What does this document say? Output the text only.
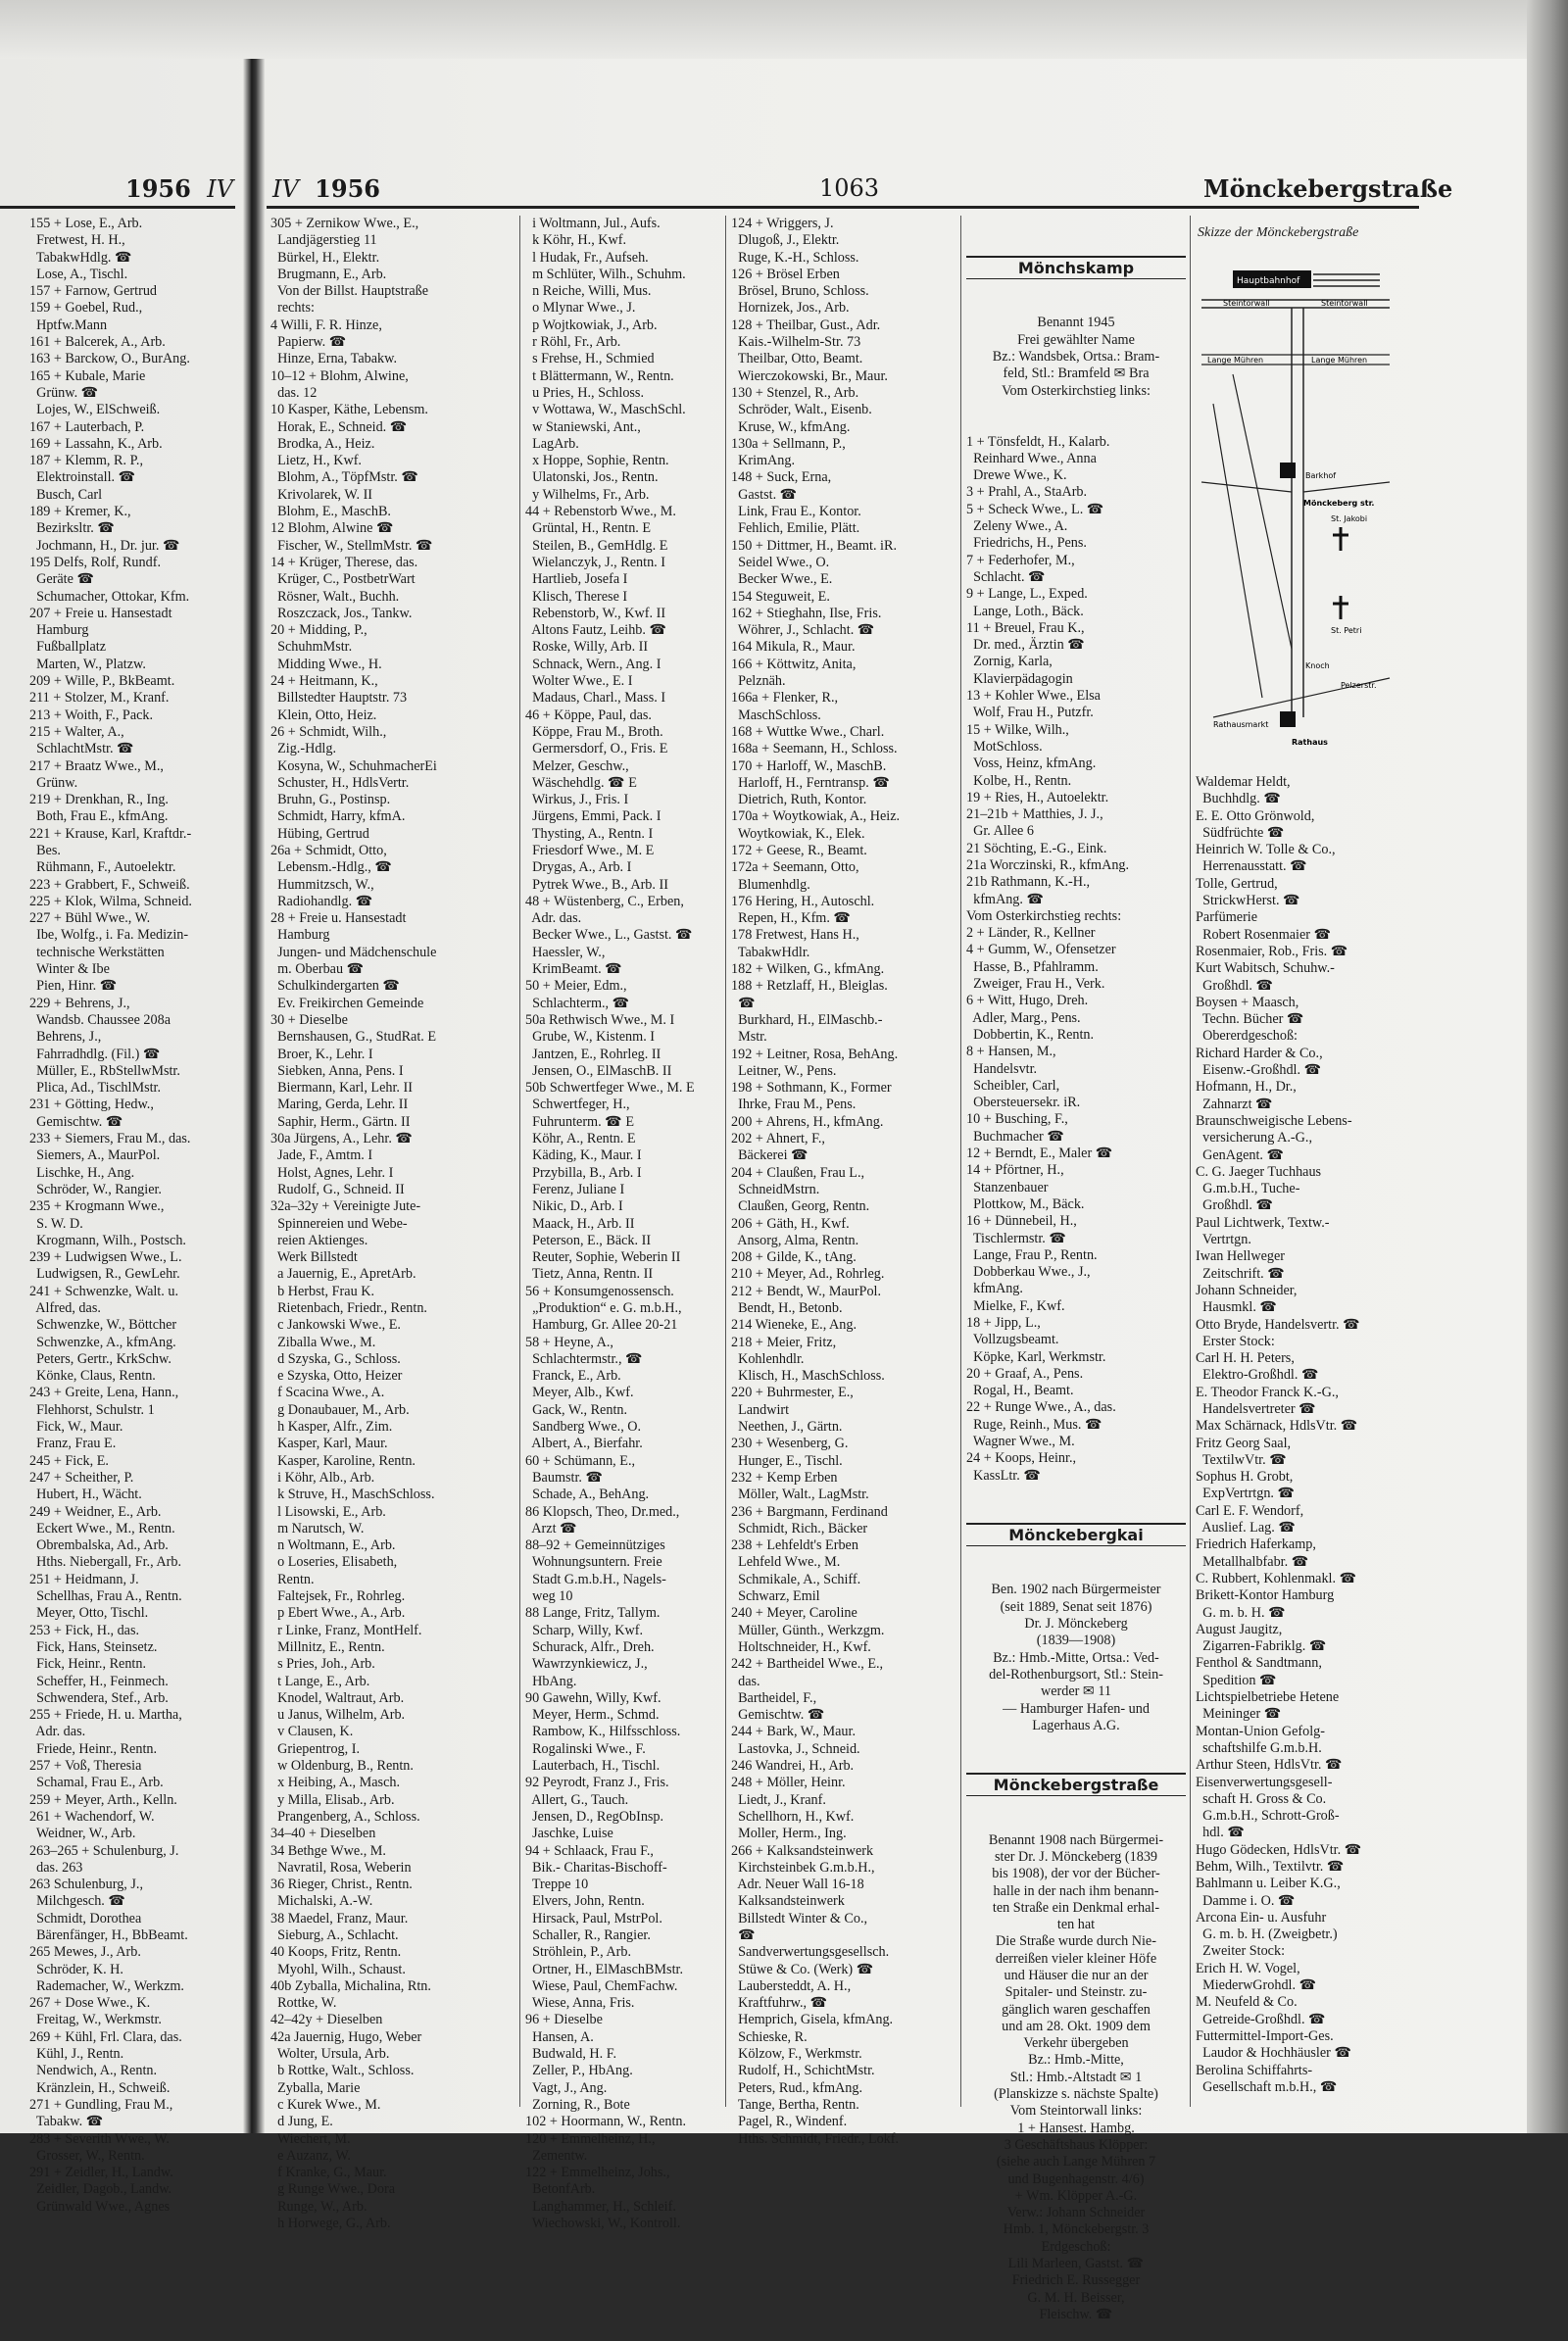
1956 IV IV 1956	1063	Mönckebergstraße
155 + Lose, E., Arb.
Fretwest, H. H.,
TabakwHdlg. ☎
Lose, A., Tischl.
157 + Farnow, Gertrud
159 + Goebel, Rud.,
Hptfw.Mann
161 + Balcerek, A., Arb.
163 + Barckow, O., BurAng.
165 + Kubale, Marie
Grünw. ☎
Lojes, W., ElSchweiß.
167 + Lauterbach, P.
169 + Lassahn, K., Arb.
187 + Klemm, R. P.,
Elektroinstall. ☎
Busch, Carl
189 + Kremer, K.,
Bezirksltr. ☎
Jochmann, H., Dr. jur. ☎
195 Delfs, Rolf, Rundf.
Geräte ☎
Schumacher, Ottokar, Kfm.
207 + Freie u. Hansestadt
Hamburg
Fußballplatz
Marten, W., Platzw.
209 + Wille, P., BkBeamt.
211 + Stolzer, M., Kranf.
213 + Woith, F., Pack.
215 + Walter, A.,
SchlachtMstr. ☎
217 + Braatz Wwe., M.,
Grünw.
219 + Drenkhan, R., Ing.
Both, Frau E., kfmAng.
221 + Krause, Karl, Kraftdr.-
Bes.
Rühmann, F., Autoelektr.
223 + Grabbert, F., Schweiß.
225 + Klok, Wilma, Schneid.
227 + Bühl Wwe., W.
Ibe, Wolfg., i. Fa. Medizin-
technische Werkstätten
Winter & Ibe
Pien, Hinr. ☎
229 + Behrens, J.,
Wandsb. Chaussee 208a
Behrens, J.,
Fahrradhdlg. (Fil.) ☎
Müller, E., RbStellwMstr.
Plica, Ad., TischlMstr.
231 + Götting, Hedw.,
Gemischtw. ☎
233 + Siemers, Frau M., das.
Siemers, A., MaurPol.
Lischke, H., Ang.
Schröder, W., Rangier.
235 + Krogmann Wwe.,
S. W. D.
Krogmann, Wilh., Postsch.
239 + Ludwigsen Wwe., L.
Ludwigsen, R., GewLehr.
241 + Schwenzke, Walt. u.
Alfred, das.
Schwenzke, W., Böttcher
Schwenzke, A., kfmAng.
Peters, Gertr., KrkSchw.
Könke, Claus, Rentn.
243 + Greite, Lena, Hann.,
Flehhorst, Schulstr. 1
Fick, W., Maur.
Franz, Frau E.
245 + Fick, E.
247 + Scheither, P.
Hubert, H., Wächt.
249 + Weidner, E., Arb.
Eckert Wwe., M., Rentn.
Obrembalska, Ad., Arb.
Hths. Niebergall, Fr., Arb.
251 + Heidmann, J.
Schellhas, Frau A., Rentn.
Meyer, Otto, Tischl.
253 + Fick, H., das.
Fick, Hans, Steinsetz.
Fick, Heinr., Rentn.
Scheffer, H., Feinmech.
Schwendera, Stef., Arb.
255 + Friede, H. u. Martha,
Adr. das.
Friede, Heinr., Rentn.
257 + Voß, Theresia
Schamal, Frau E., Arb.
259 + Meyer, Arth., Kelln.
261 + Wachendorf, W.
Weidner, W., Arb.
263–265 + Schulenburg, J.
das. 263
263 Schulenburg, J.,
Milchgesch. ☎
Schmidt, Dorothea
Bärenfänger, H., BbBeamt.
265 Mewes, J., Arb.
Schröder, K. H.
Rademacher, W., Werkzm.
267 + Dose Wwe., K.
Freitag, W., Werkmstr.
269 + Kühl, Frl. Clara, das.
Kühl, J., Rentn.
Nendwich, A., Rentn.
Kränzlein, H., Schweiß.
271 + Gundling, Frau M.,
Tabakw. ☎
283 + Severith Wwe., W.
Grosser, W., Rentn.
291 + Zeidler, H., Landw.
Zeidler, Dagob., Landw.
Grünwald Wwe., Agnes
305 + Zernikow Wwe., E.,
Landjägerstieg 11
Bürkel, H., Elektr.
Brugmann, E., Arb.
Von der Billst. Hauptstraße
rechts:
4 Willi, F. R. Hinze,
Papierw. ☎
Hinze, Erna, Tabakw.
10–12 + Blohm, Alwine,
das. 12
10 Kasper, Käthe, Lebensm.
Horak, E., Schneid. ☎
Brodka, A., Heiz.
Lietz, H., Kwf.
Blohm, A., TöpfMstr. ☎
Krivolarek, W. II
Blohm, E., MaschB.
12 Blohm, Alwine ☎
Fischer, W., StellmMstr. ☎
14 + Krüger, Therese, das.
Krüger, C., PostbetrWart
Rösner, Walt., Buchh.
Roszczack, Jos., Tankw.
20 + Midding, P.,
SchuhmMstr.
Midding Wwe., H.
24 + Heitmann, K.,
Billstedter Hauptstr. 73
Klein, Otto, Heiz.
26 + Schmidt, Wilh.,
Zig.-Hdlg.
Kosyna, W., SchuhmacherEi
Schuster, H., HdlsVertr.
Bruhn, G., Postinsp.
Schmidt, Harry, kfmA.
Hübing, Gertrud
26a + Schmidt, Otto,
Lebensm.-Hdlg., ☎
Hummitzsch, W.,
Radiohandlg. ☎
28 + Freie u. Hansestadt
Hamburg
Jungen- und Mädchenschule
m. Oberbau ☎
Schulkindergarten ☎
Ev. Freikirchen Gemeinde
30 + Dieselbe
Bernshausen, G., StudRat. E
Broer, K., Lehr. I
Siebken, Anna, Pens. I
Biermann, Karl, Lehr. II
Maring, Gerda, Lehr. II
Saphir, Herm., Gärtn. II
30a Jürgens, A., Lehr. ☎
Jade, F., Amtm. I
Holst, Agnes, Lehr. I
Rudolf, G., Schneid. II
32a–32y + Vereinigte Jute-
Spinnereien und Webe-
reien Aktienges.
Werk Billstedt
a Jauernig, E., ApretArb.
b Herbst, Frau K.
Rietenbach, Friedr., Rentn.
c Jankowski Wwe., E.
Ziballa Wwe., M.
d Szyska, G., Schloss.
e Szyska, Otto, Heizer
f Scacina Wwe., A.
g Donaubauer, M., Arb.
h Kasper, Alfr., Zim.
Kasper, Karl, Maur.
Kasper, Karoline, Rentn.
i Köhr, Alb., Arb.
k Struve, H., MaschSchloss.
l Lisowski, E., Arb.
m Narutsch, W.
n Woltmann, E., Arb.
o Loseries, Elisabeth,
Rentn.
Faltejsek, Fr., Rohrleg.
p Ebert Wwe., A., Arb.
r Linke, Franz, MontHelf.
Millnitz, E., Rentn.
s Pries, Joh., Arb.
t Lange, E., Arb.
Knodel, Waltraut, Arb.
u Janus, Wilhelm, Arb.
v Clausen, K.
Griepentrog, I.
w Oldenburg, B., Rentn.
x Heibing, A., Masch.
y Milla, Elisab., Arb.
Prangenberg, A., Schloss.
34–40 + Dieselben
34 Bethge Wwe., M.
Navratil, Rosa, Weberin
36 Rieger, Christ., Rentn.
Michalski, A.-W.
38 Maedel, Franz, Maur.
Sieburg, A., Schlacht.
40 Koops, Fritz, Rentn.
Myohl, Wilh., Schaust.
40b Zyballa, Michalina, Rtn.
Rottke, W.
42–42y + Dieselben
42a Jauernig, Hugo, Weber
Wolter, Ursula, Arb.
b Rottke, Walt., Schloss.
Zyballa, Marie
c Kurek Wwe., M.
d Jung, E.
Wiechert, M.
e Auzanz, W.
f Kranke, G., Maur.
g Runge Wwe., Dora
Runge, W., Arb.
h Horwege, G., Arb.
i Woltmann, Jul., Aufs.
k Köhr, H., Kwf.
l Hudak, Fr., Aufseh.
m Schlüter, Wilh., Schuhm.
n Reiche, Willi, Mus.
o Mlynar Wwe., J.
p Wojtkowiak, J., Arb.
r Röhl, Fr., Arb.
s Frehse, H., Schmied
t Blättermann, W., Rentn.
u Pries, H., Schloss.
v Wottawa, W., MaschSchl.
w Staniewski, Ant.,
LagArb.
x Hoppe, Sophie, Rentn.
Ulatonski, Jos., Rentn.
y Wilhelms, Fr., Arb.
44 + Rebenstorb Wwe., M.
Grüntal, H., Rentn. E
Steilen, B., GemHdlg. E
Wielanczyk, J., Rentn. I
Hartlieb, Josefa I
Klisch, Therese I
Rebenstorb, W., Kwf. II
Altons Fautz, Leihb. ☎
Roske, Willy, Arb. II
Schnack, Wern., Ang. I
Wolter Wwe., E. I
Madaus, Charl., Mass. I
46 + Köppe, Paul, das.
Köppe, Frau M., Broth.
Germersdorf, O., Fris. E
Melzer, Geschw.,
Wäschehdlg. ☎ E
Wirkus, J., Fris. I
Jürgens, Emmi, Pack. I
Thysting, A., Rentn. I
Friesdorf Wwe., M. E
Drygas, A., Arb. I
Pytrek Wwe., B., Arb. II
48 + Wüstenberg, C., Erben,
Adr. das.
Becker Wwe., L., Gastst. ☎
Haessler, W.,
KrimBeamt. ☎
50 + Meier, Edm.,
Schlachterm., ☎
50a Rethwisch Wwe., M. I
Grube, W., Kistenm. I
Jantzen, E., Rohrleg. II
Jensen, O., ElMaschB. II
50b Schwertfeger Wwe., M. E
Schwertfeger, H.,
Fuhrunterm. ☎ E
Köhr, A., Rentn. E
Käding, K., Maur. I
Przybilla, B., Arb. I
Ferenz, Juliane I
Nikic, D., Arb. I
Maack, H., Arb. II
Peterson, E., Bäck. II
Reuter, Sophie, Weberin II
Tietz, Anna, Rentn. II
56 + Konsumgenossensch.
„Produktion“ e. G. m.b.H.,
Hamburg, Gr. Allee 20-21
58 + Heyne, A.,
Schlachtermstr., ☎
Franck, E., Arb.
Meyer, Alb., Kwf.
Gack, W., Rentn.
Sandberg Wwe., O.
Albert, A., Bierfahr.
60 + Schümann, E.,
Baumstr. ☎
Schade, A., BehAng.
86 Klopsch, Theo, Dr.med.,
Arzt ☎
88–92 + Gemeinnütziges
Wohnungsuntern. Freie
Stadt G.m.b.H., Nagels-
weg 10
88 Lange, Fritz, Tallym.
Scharp, Willy, Kwf.
Schurack, Alfr., Dreh.
Wawrzynkiewicz, J.,
HbAng.
90 Gawehn, Willy, Kwf.
Meyer, Herm., Schmd.
Rambow, K., Hilfsschloss.
Rogalinski Wwe., F.
Lauterbach, H., Tischl.
92 Peyrodt, Franz J., Fris.
Allert, G., Tauch.
Jensen, D., RegObInsp.
Jaschke, Luise
94 + Schlaack, Frau F.,
Bik.- Charitas-Bischoff-
Treppe 10
Elvers, John, Rentn.
Hirsack, Paul, MstrPol.
Schaller, R., Rangier.
Ströhlein, P., Arb.
Ortner, H., ElMaschBMstr.
Wiese, Paul, ChemFachw.
Wiese, Anna, Fris.
96 + Dieselbe
Hansen, A.
Budwald, H. F.
Zeller, P., HbAng.
Vagt, J., Ang.
Zorning, R., Bote
102 + Hoormann, W., Rentn.
120 + Emmelheinz, H.,
Zementw.
122 + Emmelheinz, Johs.,
BetonfArb.
Langhammer, H., Schleif.
Wiechowski, W., Kontroll.
124 + Wriggers, J.
Dlugoß, J., Elektr.
Ruge, K.-H., Schloss.
126 + Brösel Erben
Brösel, Bruno, Schloss.
Hornizek, Jos., Arb.
128 + Theilbar, Gust., Adr.
Kais.-Wilhelm-Str. 73
Theilbar, Otto, Beamt.
Wierczokowski, Br., Maur.
130 + Stenzel, R., Arb.
Schröder, Walt., Eisenb.
Kruse, W., kfmAng.
130a + Sellmann, P.,
KrimAng.
148 + Suck, Erna,
Gastst. ☎
Link, Frau E., Kontor.
Fehlich, Emilie, Plätt.
150 + Dittmer, H., Beamt. iR.
Seidel Wwe., O.
Becker Wwe., E.
154 Steguweit, E.
162 + Stieghahn, Ilse, Fris.
Wöhrer, J., Schlacht. ☎
164 Mikula, R., Maur.
166 + Köttwitz, Anita,
Pelznäh.
166a + Flenker, R.,
MaschSchloss.
168 + Wuttke Wwe., Charl.
168a + Seemann, H., Schloss.
170 + Harloff, W., MaschB.
Harloff, H., Ferntransp. ☎
Dietrich, Ruth, Kontor.
170a + Woytkowiak, A., Heiz.
Woytkowiak, K., Elek.
172 + Geese, R., Beamt.
172a + Seemann, Otto,
Blumenhdlg.
176 Hering, H., Autoschl.
Repen, H., Kfm. ☎
178 Fretwest, Hans H.,
TabakwHdlr.
182 + Wilken, G., kfmAng.
188 + Retzlaff, H., Bleiglas.
☎
Burkhard, H., ElMaschb.-
Mstr.
192 + Leitner, Rosa, BehAng.
Leitner, W., Pens.
198 + Sothmann, K., Former
Ihrke, Frau M., Pens.
200 + Ahrens, H., kfmAng.
202 + Ahnert, F.,
Bäckerei ☎
204 + Claußen, Frau L.,
SchneidMstrn.
Claußen, Georg, Rentn.
206 + Gäth, H., Kwf.
Ansorg, Alma, Rentn.
208 + Gilde, K., tAng.
210 + Meyer, Ad., Rohrleg.
212 + Bendt, W., MaurPol.
Bendt, H., Betonb.
214 Wieneke, E., Ang.
218 + Meier, Fritz,
Kohlenhdlr.
Klisch, H., MaschSchloss.
220 + Buhrmester, E.,
Landwirt
Neethen, J., Gärtn.
230 + Wesenberg, G.
Hunger, E., Tischl.
232 + Kemp Erben
Möller, Walt., LagMstr.
236 + Bargmann, Ferdinand
Schmidt, Rich., Bäcker
238 + Lehfeldt's Erben
Lehfeld Wwe., M.
Schmikale, A., Schiff.
Schwarz, Emil
240 + Meyer, Caroline
Müller, Günth., Werkzgm.
Holtschneider, H., Kwf.
242 + Bartheidel Wwe., E.,
das.
Bartheidel, F.,
Gemischtw. ☎
244 + Bark, W., Maur.
Lastovka, J., Schneid.
246 Wandrei, H., Arb.
248 + Möller, Heinr.
Liedt, J., Kranf.
Schellhorn, H., Kwf.
Moller, Herm., Ing.
266 + Kalksandsteinwerk
Kirchsteinbek G.m.b.H.,
Adr. Neuer Wall 16-18
Kalksandsteinwerk
Billstedt Winter & Co.,
☎
Sandverwertungsgesellsch.
Stüwe & Co. (Werk) ☎
Laubersteddt, A. H.,
Kraftfuhrw., ☎
Hemprich, Gisela, kfmAng.
Schieske, R.
Kölzow, F., Werkmstr.
Rudolf, H., SchichtMstr.
Peters, Rud., kfmAng.
Tange, Bertha, Rentn.
Pagel, R., Windenf.
Hths. Schmidt, Friedr., Lokf.

Mönchskamp

Benannt 1945
Frei gewählter Name
Bz.: Wandsbek, Ortsa.: Bram-
feld, Stl.: Bramfeld ✉ Bra
Vom Osterkirchstieg links:

1 + Tönsfeldt, H., Kalarb.
Reinhard Wwe., Anna
Drewe Wwe., K.
3 + Prahl, A., StaArb.
5 + Scheck Wwe., L. ☎
Zeleny Wwe., A.
Friedrichs, H., Pens.
7 + Federhofer, M.,
Schlacht. ☎
9 + Lange, L., Exped.
Lange, Loth., Bäck.
11 + Breuel, Frau K.,
Dr. med., Ärztin ☎
Zornig, Karla,
Klavierpädagogin
13 + Kohler Wwe., Elsa
Wolf, Frau H., Putzfr.
15 + Wilke, Wilh.,
MotSchloss.
Voss, Heinz, kfmAng.
Kolbe, H., Rentn.
19 + Ries, H., Autoelektr.
21–21b + Matthies, J. J.,
Gr. Allee 6
21 Söchting, E.-G., Eink.
21a Worczinski, R., kfmAng.
21b Rathmann, K.-H.,
kfmAng. ☎
Vom Osterkirchstieg rechts:
2 + Länder, R., Kellner
4 + Gumm, W., Ofensetzer
Hasse, B., Pfahlramm.
Zweiger, Frau H., Verk.
6 + Witt, Hugo, Dreh.
Adler, Marg., Pens.
Dobbertin, K., Rentn.
8 + Hansen, M.,
Handelsvtr.
Scheibler, Carl,
Obersteuersekr. iR.
10 + Busching, F.,
Buchmacher ☎
12 + Berndt, E., Maler ☎
14 + Pförtner, H.,
Stanzenbauer
Plottkow, M., Bäck.
16 + Dünnebeil, H.,
Tischlermstr. ☎
Lange, Frau P., Rentn.
Dobberkau Wwe., J.,
kfmAng.
Mielke, F., Kwf.
18 + Jipp, L.,
Vollzugsbeamt.
Köpke, Karl, Werkmstr.
20 + Graaf, A., Pens.
Rogal, H., Beamt.
22 + Runge Wwe., A., das.
Ruge, Reinh., Mus. ☎
Wagner Wwe., M.
24 + Koops, Heinr.,
KassLtr. ☎

Mönckebergkai

Ben. 1902 nach Bürgermeister
(seit 1889, Senat seit 1876)
Dr. J. Mönckeberg
(1839—1908)
Bz.: Hmb.-Mitte, Ortsa.: Ved-
del-Rothenburgsort, Stl.: Stein-
werder ✉ 11
— Hamburger Hafen- und
Lagerhaus A.G.

Mönckebergstraße

Benannt 1908 nach Bürgermei-
ster Dr. J. Mönckeberg (1839
bis 1908), der vor der Bücher-
halle in der nach ihm benann-
ten Straße ein Denkmal erhal-
ten hat
Die Straße wurde durch Nie-
derreißen vieler kleiner Höfe
und Häuser die nur an der
Spitaler- und Steinstr. zu-
gänglich waren geschaffen
und am 28. Okt. 1909 dem
Verkehr übergeben
Bz.: Hmb.-Mitte,
Stl.: Hmb.-Altstadt ✉ 1
(Planskizze s. nächste Spalte)
Vom Steintorwall links:
1 + Hansest. Hambg.
3 Geschäftshaus Klöpper:
(siehe auch Lange Mühren 7
und Bugenhagenstr. 4/6)
+ Wm. Klöpper A.-G.
Verw.: Johann Schneider
Hmb. 1, Mönckebergstr. 3
Erdgeschoß:
Lili Marleen, Gastst. ☎
Friedrich E. Russegger
G. M. H. Beisser,
Fleischw. ☎

Skizze der Mönckebergstraße
Hauptbahnhof
Steintorwall	Steintorwall
Lange Mühren	Lange Mühren
Barkhof
Mönckeberg str.
St. Jakobi
St. Petri
Rathausmarkt
Rathaus
Pelzerstr.
Knoch
Waldemar Heldt,
Buchhdlg. ☎
E. E. Otto Grönwold,
Südfrüchte ☎
Heinrich W. Tolle & Co.,
Herrenausstatt. ☎
Tolle, Gertrud,
StrickwHerst. ☎
Parfümerie
Robert Rosenmaier ☎
Rosenmaier, Rob., Fris. ☎
Kurt Wabitsch, Schuhw.-
Großhdl. ☎
Boysen + Maasch,
Techn. Bücher ☎
Obererdgeschoß:
Richard Harder & Co.,
Eisenw.-Großhdl. ☎
Hofmann, H., Dr.,
Zahnarzt ☎
Braunschweigische Lebens-
versicherung A.-G.,
GenAgent. ☎
C. G. Jaeger Tuchhaus
G.m.b.H., Tuche-
Großhdl. ☎
Paul Lichtwerk, Textw.-
Vertrtgn.
Iwan Hellweger
Zeitschrift. ☎
Johann Schneider,
Hausmkl. ☎
Otto Bryde, Handelsvertr. ☎
Erster Stock:
Carl H. H. Peters,
Elektro-Großhdl. ☎
E. Theodor Franck K.-G.,
Handelsvertreter ☎
Max Schärnack, HdlsVtr. ☎
Fritz Georg Saal,
TextilwVtr. ☎
Sophus H. Grobt,
ExpVertrtgn. ☎
Carl E. F. Wendorf,
Auslief. Lag. ☎
Friedrich Haferkamp,
Metallhalbfabr. ☎
C. Rubbert, Kohlenmakl. ☎
Brikett-Kontor Hamburg
G. m. b. H. ☎
August Jaugitz,
Zigarren-Fabriklg. ☎
Fenthol & Sandtmann,
Spedition ☎
Lichtspielbetriebe Hetene
Meininger ☎
Montan-Union Gefolg-
schaftshilfe G.m.b.H.
Arthur Steen, HdlsVtr. ☎
Eisenverwertungsgesell-
schaft H. Gross & Co.
G.m.b.H., Schrott-Groß-
hdl. ☎
Hugo Gödecken, HdlsVtr. ☎
Behm, Wilh., Textilvtr. ☎
Bahlmann u. Leiber K.G.,
Damme i. O. ☎
Arcona Ein- u. Ausfuhr
G. m. b. H. (Zweigbetr.)
Zweiter Stock:
Erich H. W. Vogel,
MiederwGrohdl. ☎
M. Neufeld & Co.
Getreide-Großhdl. ☎
Futtermittel-Import-Ges.
Laudor & Hochhäusler ☎
Berolina Schiffahrts-
Gesellschaft m.b.H., ☎
